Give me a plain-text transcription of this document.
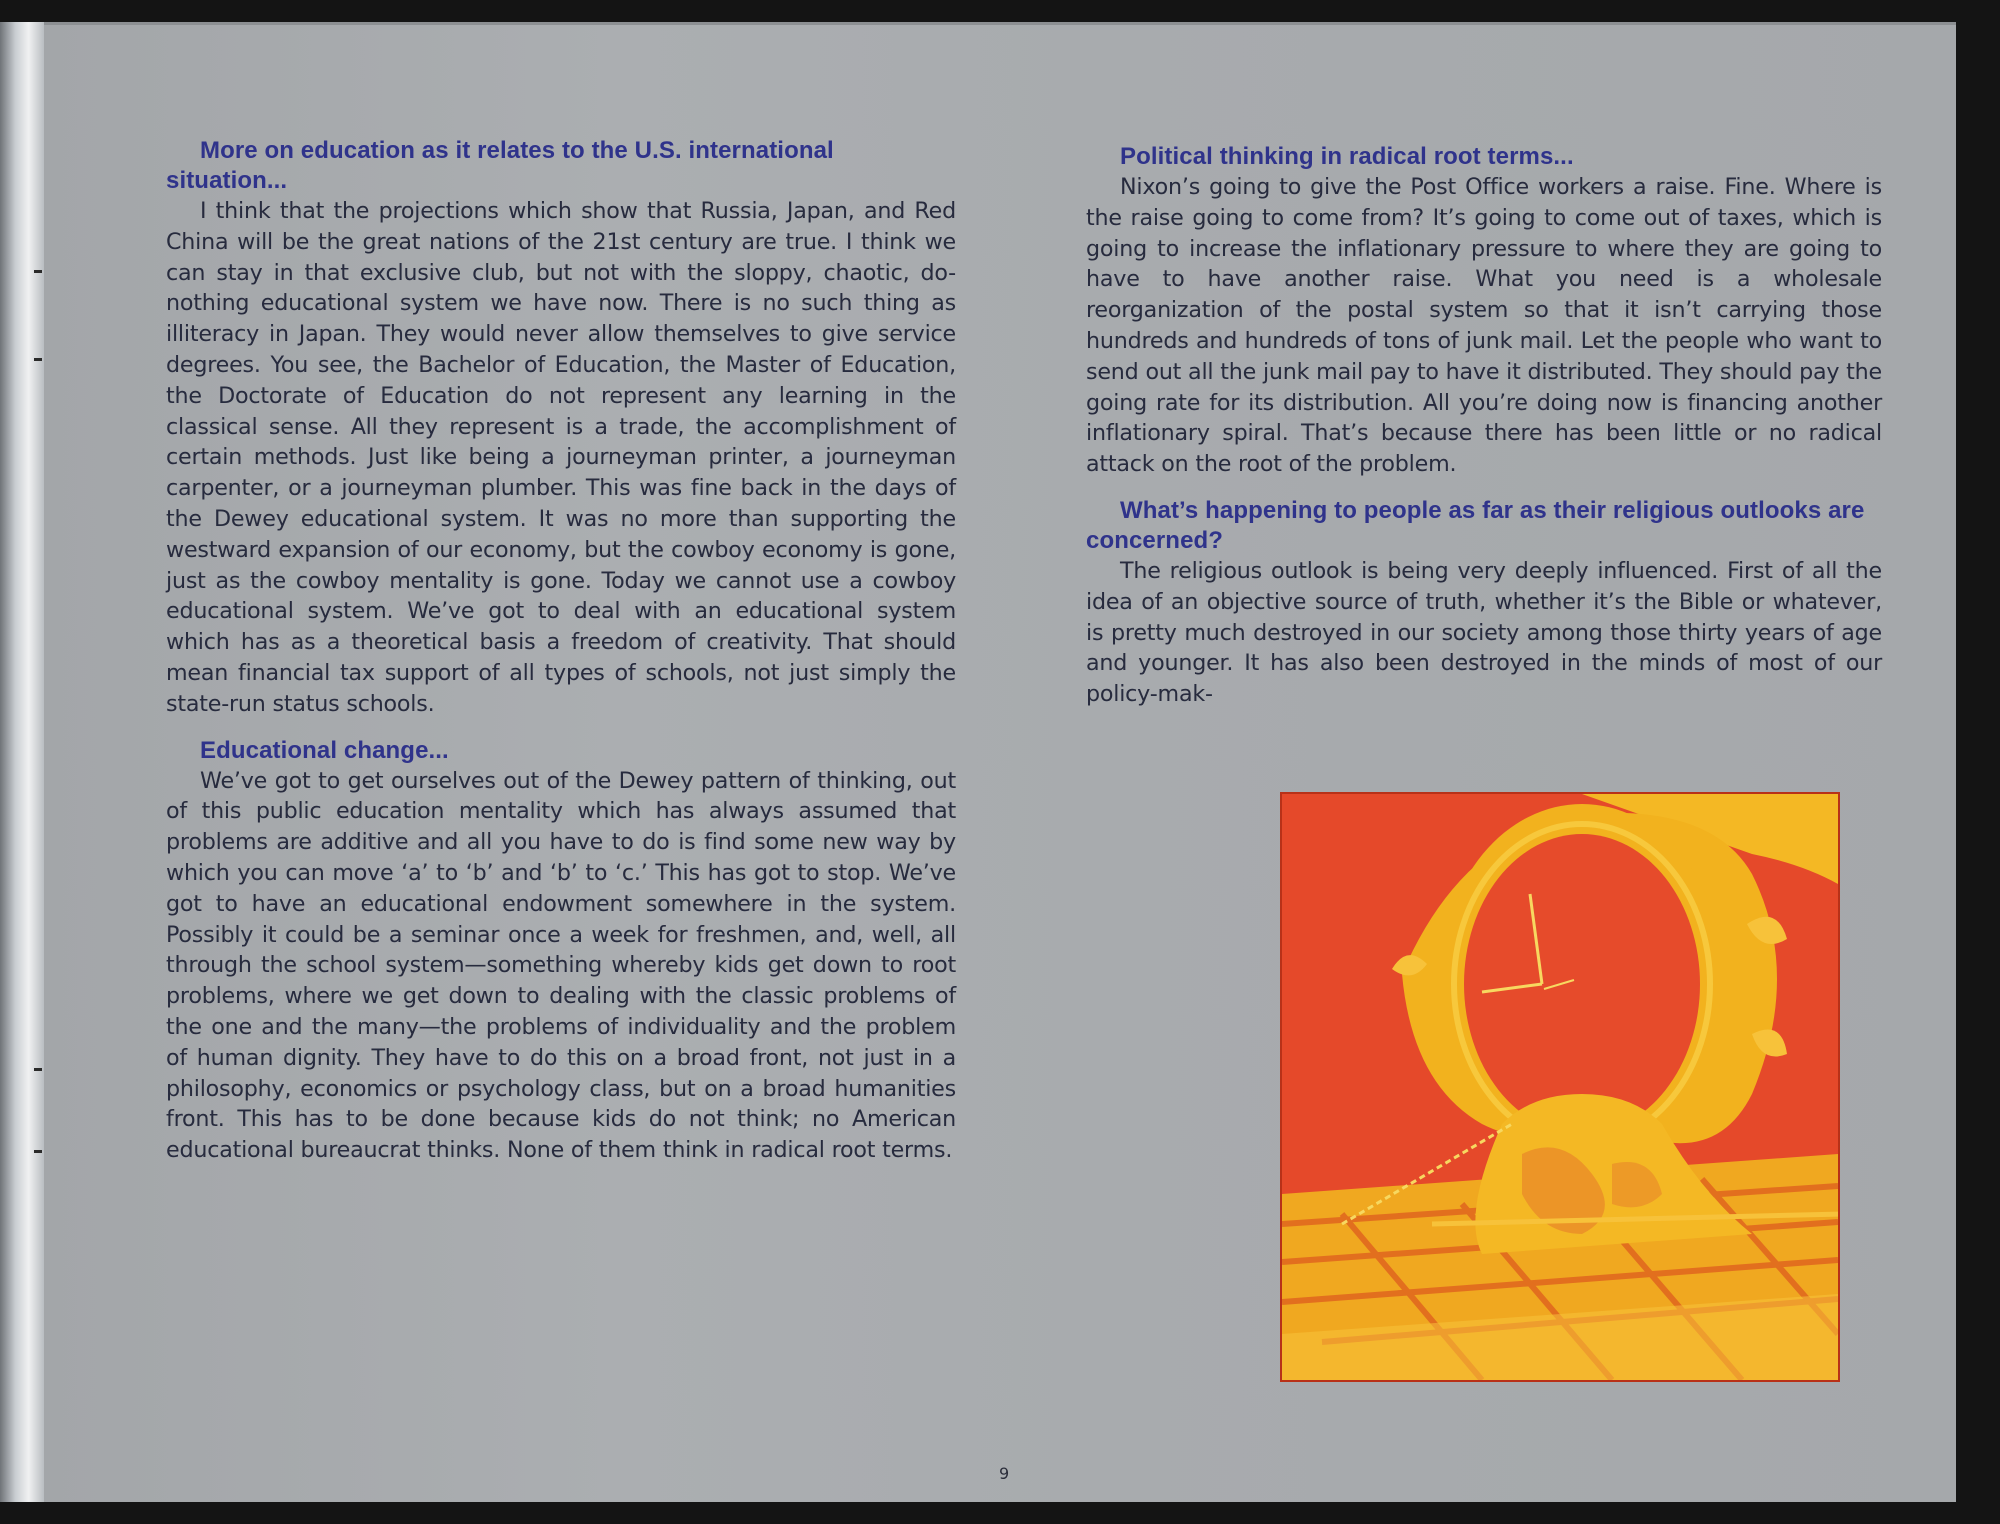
More on education as it relates to the U.S. international situation...

I think that the projections which show that Russia, Japan, and Red China will be the great nations of the 21st century are true. I think we can stay in that exclusive club, but not with the sloppy, chaotic, do-nothing educational system we have now. There is no such thing as illiteracy in Japan. They would never allow themselves to give service degrees. You see, the Bachelor of Education, the Master of Education, the Doctorate of Education do not represent any learning in the classical sense. All they represent is a trade, the accomplishment of certain methods. Just like being a journeyman printer, a journeyman carpenter, or a journeyman plumber. This was fine back in the days of the Dewey educational system. It was no more than supporting the westward expansion of our economy, but the cowboy economy is gone, just as the cowboy mentality is gone. Today we cannot use a cowboy educational system. We’ve got to deal with an educational system which has as a theoretical basis a freedom of creativity. That should mean financial tax support of all types of schools, not just simply the state-run status schools.

Educational change...

We’ve got to get ourselves out of the Dewey pattern of thinking, out of this public education mentality which has always assumed that problems are additive and all you have to do is find some new way by which you can move ‘a’ to ‘b’ and ‘b’ to ‘c.’ This has got to stop. We’ve got to have an educational endowment somewhere in the system. Possibly it could be a seminar once a week for freshmen, and, well, all through the school system—something whereby kids get down to root problems, where we get down to dealing with the classic problems of the one and the many—the problems of individuality and the problem of human dignity. They have to do this on a broad front, not just in a philosophy, economics or psychology class, but on a broad humanities front. This has to be done because kids do not think; no American educational bureaucrat thinks. None of them think in radical root terms.

Political thinking in radical root terms...

Nixon’s going to give the Post Office workers a raise. Fine. Where is the raise going to come from? It’s going to come out of taxes, which is going to increase the inflationary pressure to where they are going to have to have another raise. What you need is a wholesale reorganization of the postal system so that it isn’t carrying those hundreds and hundreds of tons of junk mail. Let the people who want to send out all the junk mail pay to have it distributed. They should pay the going rate for its distribution. All you’re doing now is financing another inflationary spiral. That’s because there has been little or no radical attack on the root of the problem.

What’s happening to people as far as their religious outlooks are concerned?

The religious outlook is being very deeply influenced. First of all the idea of an objective source of truth, whether it’s the Bible or whatever, is pretty much destroyed in our society among those thirty years of age and younger. It has also been destroyed in the minds of most of our policy-mak-

9
